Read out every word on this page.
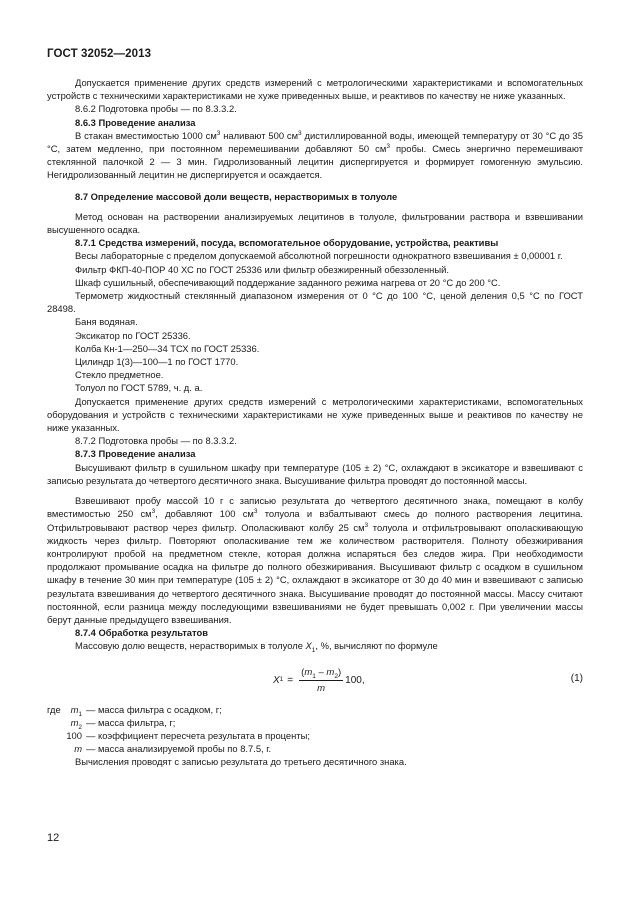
ГОСТ 32052—2013

Допускается применение других средств измерений с метрологическими характеристиками и вспомогательных устройств с техническими характеристиками не хуже приведенных выше, и реактивов по качеству не ниже указанных.

8.6.2 Подготовка пробы — по 8.3.3.2.

8.6.3 Проведение анализа

В стакан вместимостью 1000 $см^3$ наливают 500 $см^3$ дистиллированной воды, имеющей температуру от 30 °С до 35 °С, затем медленно, при постоянном перемешивании добавляют 50 $см^3$ пробы. Смесь энергично перемешивают стеклянной палочкой 2 — 3 мин. Гидролизованный лецитин диспергируется и формирует гомогенную эмульсию. Негидролизованный лецитин не диспергируется и осаждается.

8.7 Определение массовой доли веществ, нерастворимых в толуоле

Метод основан на растворении анализируемых лецитинов в толуоле, фильтровании раствора и взвешивании высушенного осадка.

8.7.1 Средства измерений, посуда, вспомогательное оборудование, устройства, реактивы

Весы лабораторные с пределом допускаемой абсолютной погрешности однократного взвешивания ± 0,00001 г.

Фильтр ФКП-40-ПОР 40 ХС по ГОСТ 25336 или фильтр обезжиренный обеззоленный.

Шкаф сушильный, обеспечивающий поддержание заданного режима нагрева от 20 °С до 200 °С.

Термометр жидкостный стеклянный диапазоном измерения от 0 °С до 100 °С, ценой деления 0,5 °С по ГОСТ 28498.

Баня водяная.

Эксикатор по ГОСТ 25336.

Колба Кн-1—250—34 ТСХ по ГОСТ 25336.

Цилиндр 1(3)—100—1 по ГОСТ 1770.

Стекло предметное.

Толуол по ГОСТ 5789, ч. д. а.

Допускается применение других средств измерений с метрологическими характеристиками, вспомогательных оборудования и устройств с техническими характеристиками не хуже приведенных выше и реактивов по качеству не ниже указанных.

8.7.2 Подготовка пробы — по 8.3.3.2.

8.7.3 Проведение анализа

Высушивают фильтр в сушильном шкафу при температуре (105 ± 2) °С, охлаждают в эксикаторе и взвешивают с записью результата до четвертого десятичного знака. Высушивание фильтра проводят до постоянной массы.

Взвешивают пробу массой 10 г с записью результата до четвертого десятичного знака, помещают в колбу вместимостью 250 $см^3$, добавляют 100 $см^3$ толуола и взбалтывают смесь до полного растворения лецитина. Отфильтровывают раствор через фильтр. Ополаскивают колбу 25 $см^3$ толуола и отфильтровывают ополаскивающую жидкость через фильтр. Повторяют ополаскивание тем же количеством растворителя. Полноту обезжиривания контролируют пробой на предметном стекле, которая должна испаряться без следов жира. При необходимости продолжают промывание осадка на фильтре до полного обезжиривания. Высушивают фильтр с осадком в сушильном шкафу в течение 30 мин при температуре (105 ± 2) °С, охлаждают в эксикаторе от 30 до 40 мин и взвешивают с записью результата взвешивания до четвертого десятичного знака. Высушивание проводят до постоянной массы. Массу считают постоянной, если разница между последующими взвешиваниями не будет превышать 0,002 г. При увеличении массы берут данные предыдущего взвешивания.

8.7.4 Обработка результатов

Массовую долю веществ, нерастворимых в толуоле $X_1$, %, вычисляют по формуле

X $1 = \frac{(m_1 - m_2)}{m} 100$,	(1)
где	$m_1$ — масса фильтра с осадком, г;
$m_2$ — масса фильтра, г;
100 — коэффициент пересчета результата в проценты;
m — масса анализируемой пробы по 8.7.5, г.

Вычисления проводят с записью результата до третьего десятичного знака.

12
